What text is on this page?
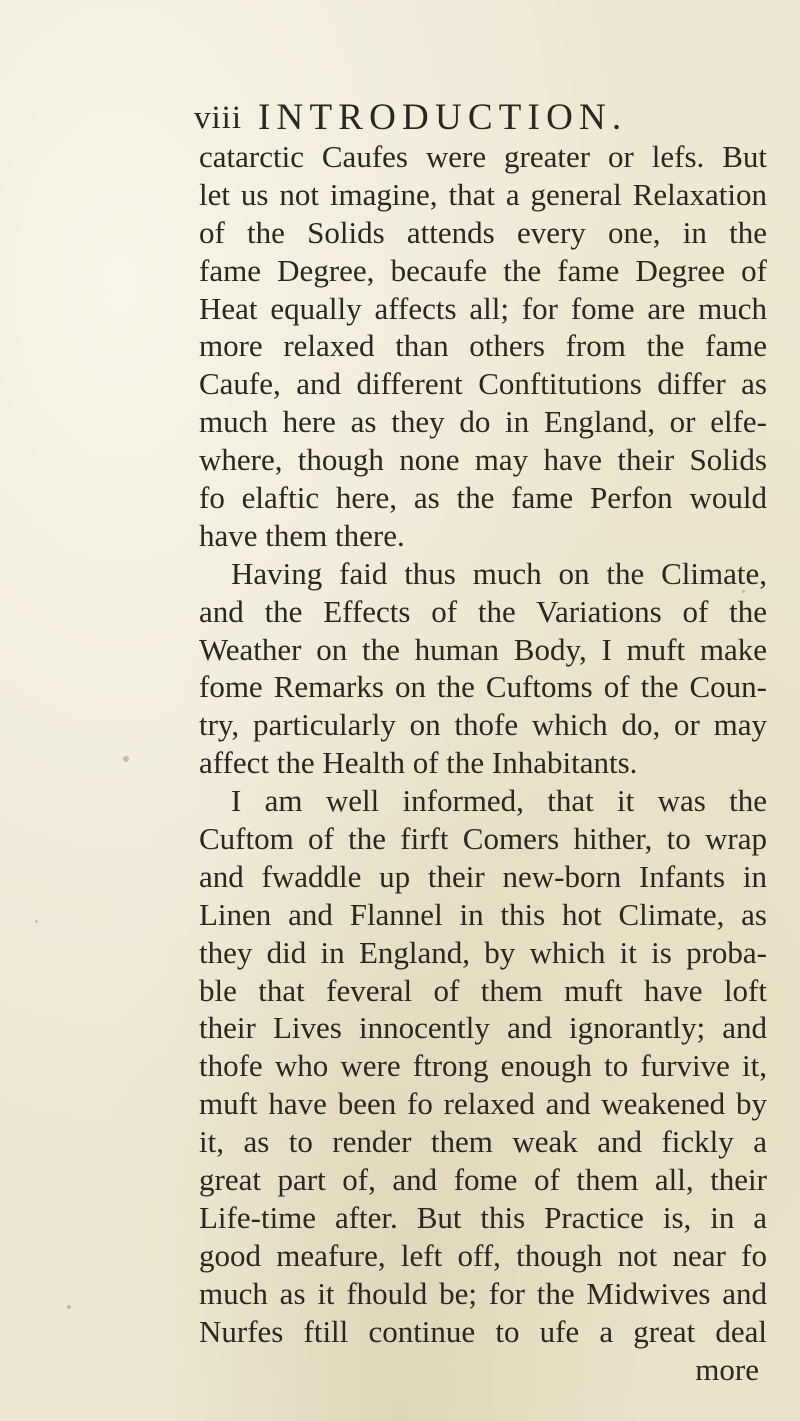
viii INTRODUCTION.
catarctic Caufes were greater or lefs. But
let us not imagine, that a general Relaxation
of the Solids attends every one, in the
fame Degree, becaufe the fame Degree of
Heat equally affects all; for fome are much
more relaxed than others from the fame
Caufe, and different Conftitutions differ as
much here as they do in England, or elfe-
where, though none may have their Solids
fo elaftic here, as the fame Perfon would
have them there.
Having faid thus much on the Climate,
and the Effects of the Variations of the
Weather on the human Body, I muft make
fome Remarks on the Cuftoms of the Coun-
try, particularly on thofe which do, or may
affect the Health of the Inhabitants.
I am well informed, that it was the
Cuftom of the firft Comers hither, to wrap
and fwaddle up their new-born Infants in
Linen and Flannel in this hot Climate, as
they did in England, by which it is proba-
ble that feveral of them muft have loft
their Lives innocently and ignorantly; and
thofe who were ftrong enough to furvive it,
muft have been fo relaxed and weakened by
it, as to render them weak and fickly a
great part of, and fome of them all, their
Life-time after. But this Practice is, in a
good meafure, left off, though not near fo
much as it fhould be; for the Midwives and
Nurfes ftill continue to ufe a great deal
more
